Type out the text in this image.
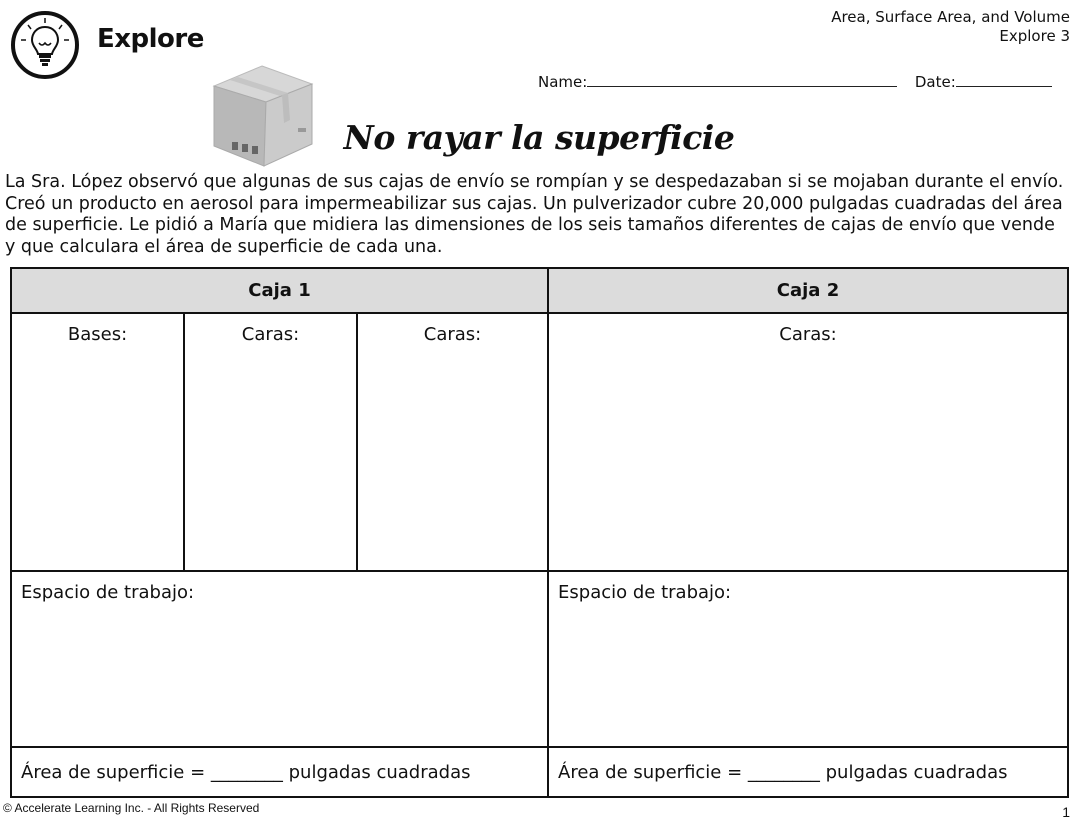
Explore
Area, Surface Area, and Volume
Explore 3
Name:	Date:
No rayar la superficie
La Sra. López observó que algunas de sus cajas de envío se rompían y se despedazaban si se mojaban durante el envío. Creó un producto en aerosol para impermeabilizar sus cajas. Un pulverizador cubre 20,000 pulgadas cuadradas del área de superficie. Le pidió a María que midiera las dimensiones de los seis tamaños diferentes de cajas de envío que vende y que calculara el área de superficie de cada una.
Caja 1			Caja 2
Bases:	Caras:	Caras:	Caras:
Espacio de trabajo:			Espacio de trabajo:
Área de superficie = ________ pulgadas cuadradas			Área de superficie = ________ pulgadas cuadradas
© Accelerate Learning Inc. - All Rights Reserved	1
